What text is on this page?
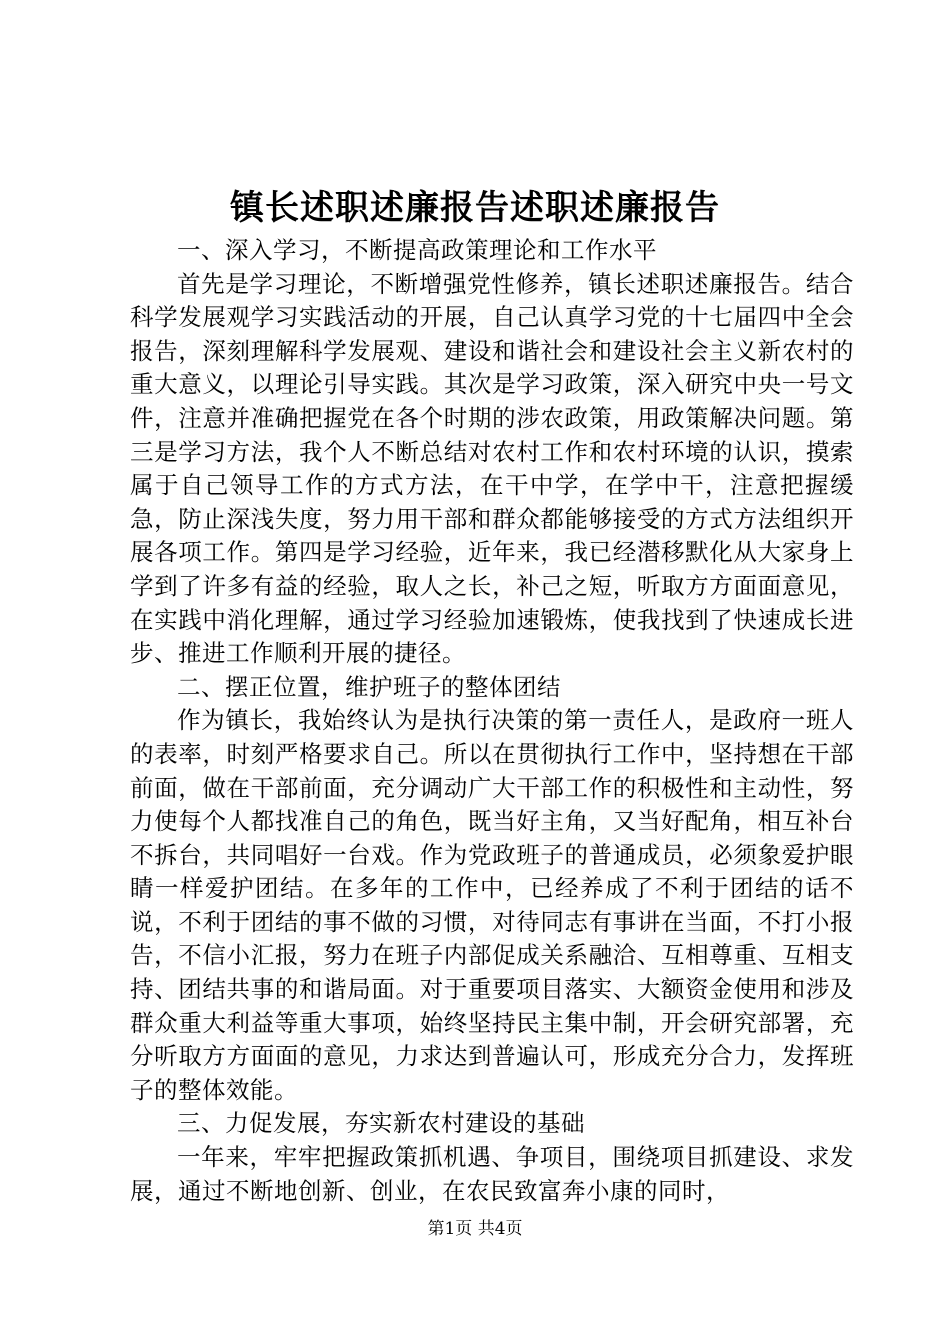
镇长述职述廉报告述职述廉报告

一、深入学习，不断提高政策理论和工作水平

首先是学习理论，不断增强党性修养，镇长述职述廉报告。结合科学发展观学习实践活动的开展，自己认真学习党的十七届四中全会报告，深刻理解科学发展观、建设和谐社会和建设社会主义新农村的重大意义，以理论引导实践。其次是学习政策，深入研究中央一号文件，注意并准确把握党在各个时期的涉农政策，用政策解决问题。第三是学习方法，我个人不断总结对农村工作和农村环境的认识，摸索属于自己领导工作的方式方法，在干中学，在学中干，注意把握缓急，防止深浅失度，努力用干部和群众都能够接受的方式方法组织开展各项工作。第四是学习经验，近年来，我已经潜移默化从大家身上学到了许多有益的经验，取人之长，补己之短，听取方方面面意见，在实践中消化理解，通过学习经验加速锻炼，使我找到了快速成长进步、推进工作顺利开展的捷径。

二、摆正位置，维护班子的整体团结

作为镇长，我始终认为是执行决策的第一责任人，是政府一班人的表率，时刻严格要求自己。所以在贯彻执行工作中，坚持想在干部前面，做在干部前面，充分调动广大干部工作的积极性和主动性，努力使每个人都找准自己的角色，既当好主角，又当好配角，相互补台不拆台，共同唱好一台戏。作为党政班子的普通成员，必须象爱护眼睛一样爱护团结。在多年的工作中，已经养成了不利于团结的话不说，不利于团结的事不做的习惯，对待同志有事讲在当面，不打小报告，不信小汇报，努力在班子内部促成关系融洽、互相尊重、互相支持、团结共事的和谐局面。对于重要项目落实、大额资金使用和涉及群众重大利益等重大事项，始终坚持民主集中制，开会研究部署，充分听取方方面面的意见，力求达到普遍认可，形成充分合力，发挥班子的整体效能。

三、力促发展，夯实新农村建设的基础

一年来，牢牢把握政策抓机遇、争项目，围绕项目抓建设、求发展，通过不断地创新、创业，在农民致富奔小康的同时，

第1页 共4页
